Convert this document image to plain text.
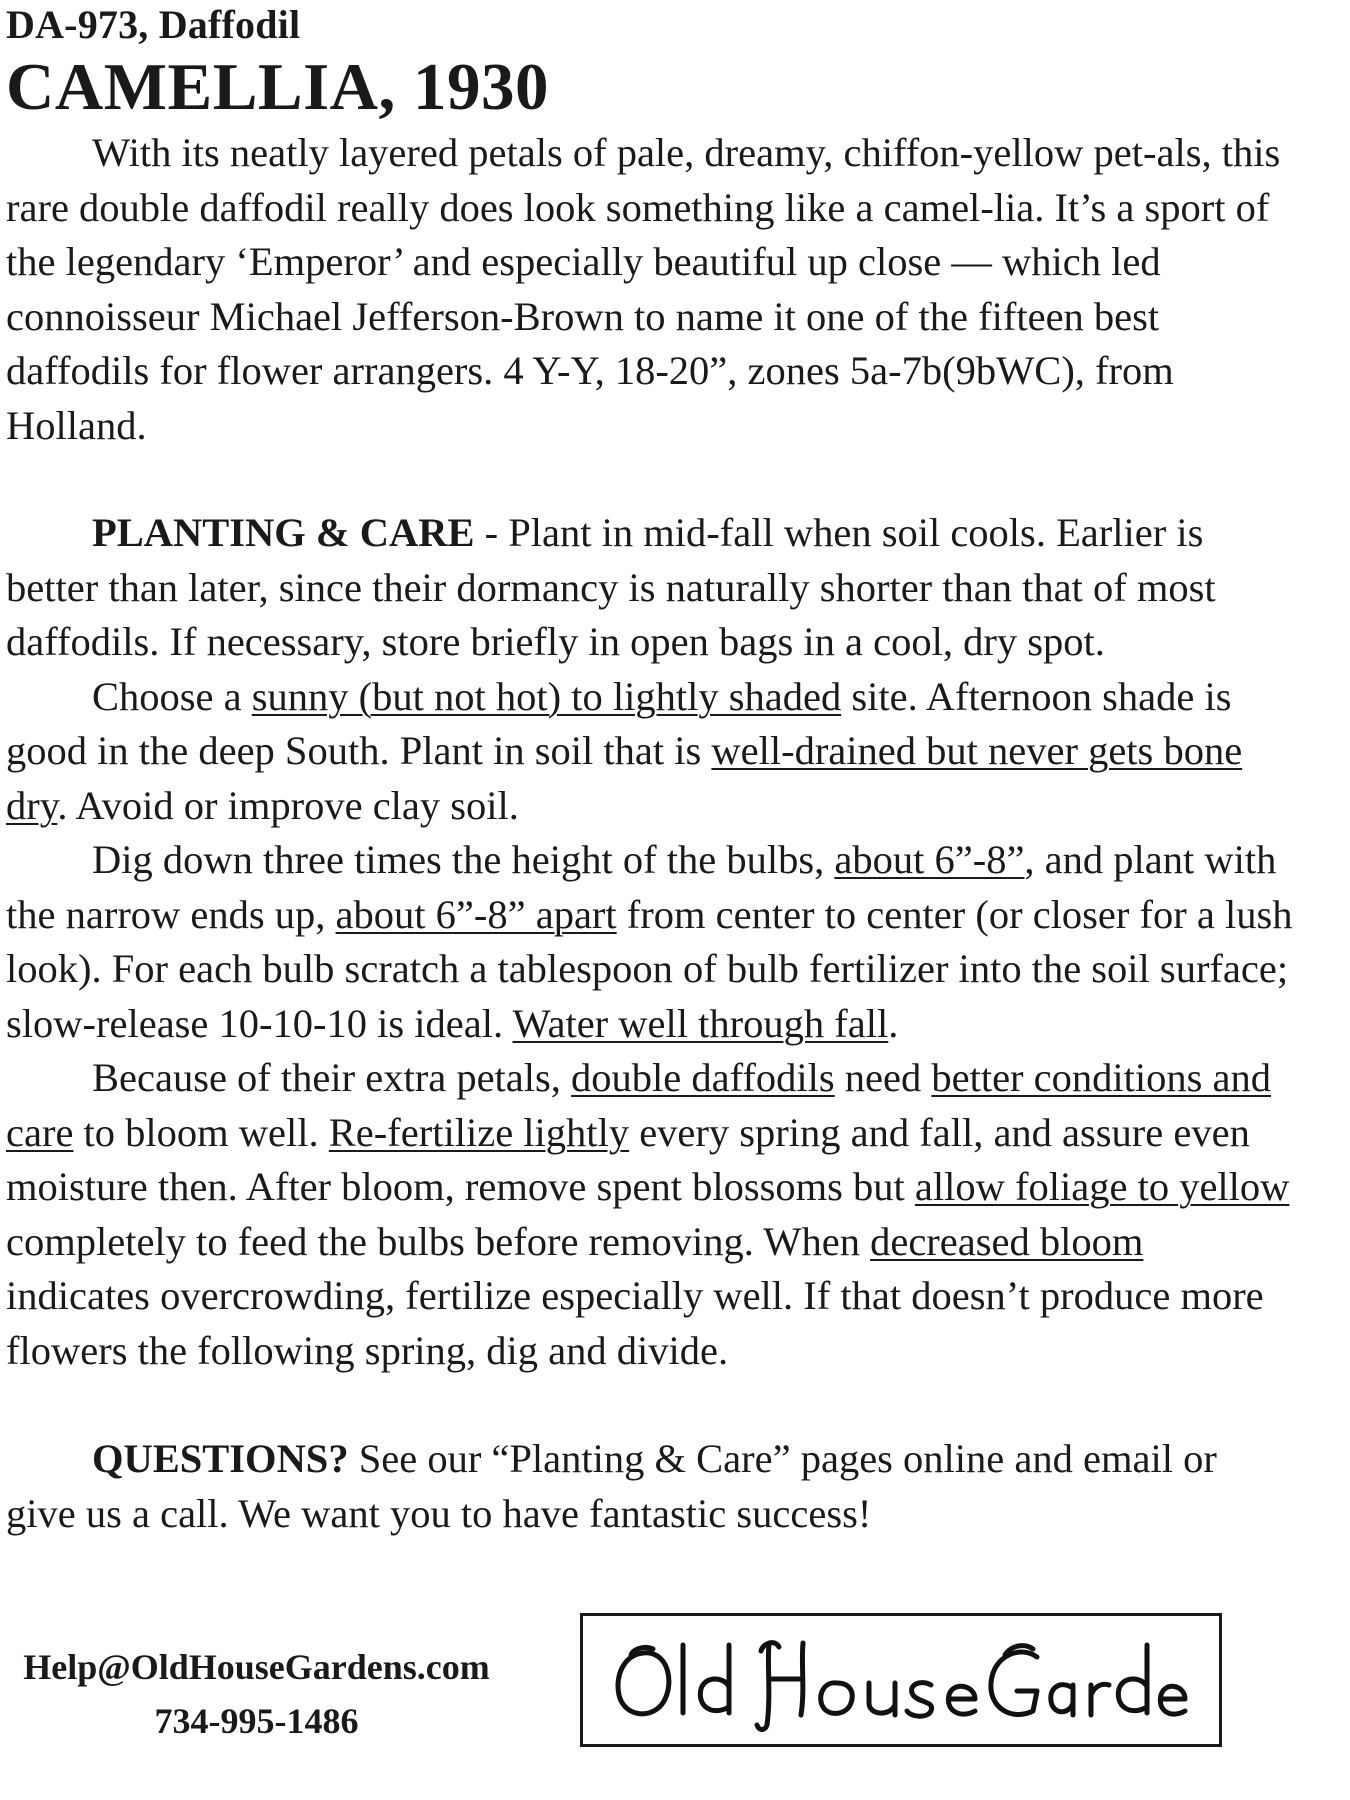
DA-973, Daffodil
CAMELLIA, 1930

With its neatly layered petals of pale, dreamy, chiffon-yellow pet-als, this rare double daffodil really does look something like a camel-lia. It’s a sport of the legendary ‘Emperor’ and especially beautiful up close — which led connoisseur Michael Jefferson-Brown to name it one of the fifteen best daffodils for flower arrangers. 4 Y-Y, 18-20”, zones 5a-7b(9bWC), from Holland.

PLANTING & CARE - Plant in mid-fall when soil cools. Earlier is better than later, since their dormancy is naturally shorter than that of most daffodils. If necessary, store briefly in open bags in a cool, dry spot.

Choose a sunny (but not hot) to lightly shaded site. Afternoon shade is good in the deep South. Plant in soil that is well-drained but never gets bone dry. Avoid or improve clay soil.

Dig down three times the height of the bulbs, about 6”-8”, and plant with the narrow ends up, about 6”-8” apart from center to center (or closer for a lush look). For each bulb scratch a tablespoon of bulb fertilizer into the soil surface; slow-release 10-10-10 is ideal. Water well through fall.

Because of their extra petals, double daffodils need better conditions and care to bloom well. Re-fertilize lightly every spring and fall, and assure even moisture then. After bloom, remove spent blossoms but allow foliage to yellow completely to feed the bulbs before removing. When decreased bloom indicates overcrowding, fertilize especially well. If that doesn’t produce more flowers the following spring, dig and divide.

QUESTIONS? See our “Planting & Care” pages online and email or give us a call. We want you to have fantastic success!

Help@OldHouseGardens.com
734-995-1486
